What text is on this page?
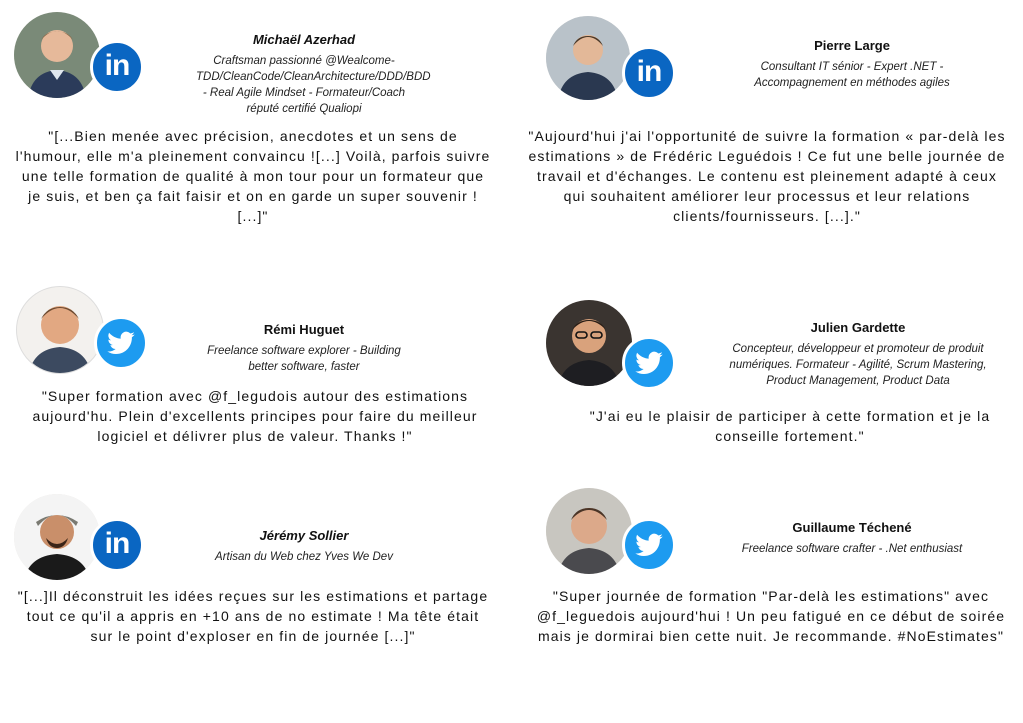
in
Michaël Azerhad
Craftsman passionné @Wealcome- TDD/CleanCode/CleanArchitecture/DDD/BDD - Real Agile Mindset - Formateur/Coach réputé certifié Qualiopi
"[...Bien menée avec précision, anecdotes et un sens de l'humour, elle m'a pleinement convaincu ![...] Voilà, parfois suivre une telle formation de qualité à mon tour pour un formateur que je suis, et ben ça fait faisir et on en garde un super souvenir ! [...]"
in
Pierre Large
Consultant IT sénior - Expert .NET - Accompagnement en méthodes agiles
"Aujourd'hui j'ai l'opportunité de suivre la formation « par-delà les estimations » de Frédéric Leguédois ! Ce fut une belle journée de travail et d'échanges. Le contenu est pleinement adapté à ceux qui souhaitent améliorer leur processus et leur relations clients/fournisseurs. [...]."
Rémi Huguet
Freelance software explorer - Building better software, faster
"Super formation avec @f_legudois autour des estimations aujourd'hu. Plein d'excellents principes pour faire du meilleur logiciel et délivrer plus de valeur. Thanks !"
Julien Gardette
Concepteur, développeur et promoteur de produit numériques. Formateur - Agilité, Scrum Mastering, Product Management, Product Data
"J'ai eu le plaisir de participer à cette formation et je la conseille fortement."
in	Jérémy Sollier
Artisan du Web chez Yves We Dev
"[...]Il déconstruit les idées reçues sur les estimations et partage tout ce qu'il a appris en +10 ans de no estimate ! Ma tête était sur le point d'exploser en fin de journée [...]"
Guillaume Téchené
Freelance software crafter - .Net enthusiast
"Super journée de formation "Par-delà les estimations" avec @f_leguedois aujourd'hui ! Un peu fatigué en ce début de soirée mais je dormirai bien cette nuit. Je recommande. #NoEstimates"
